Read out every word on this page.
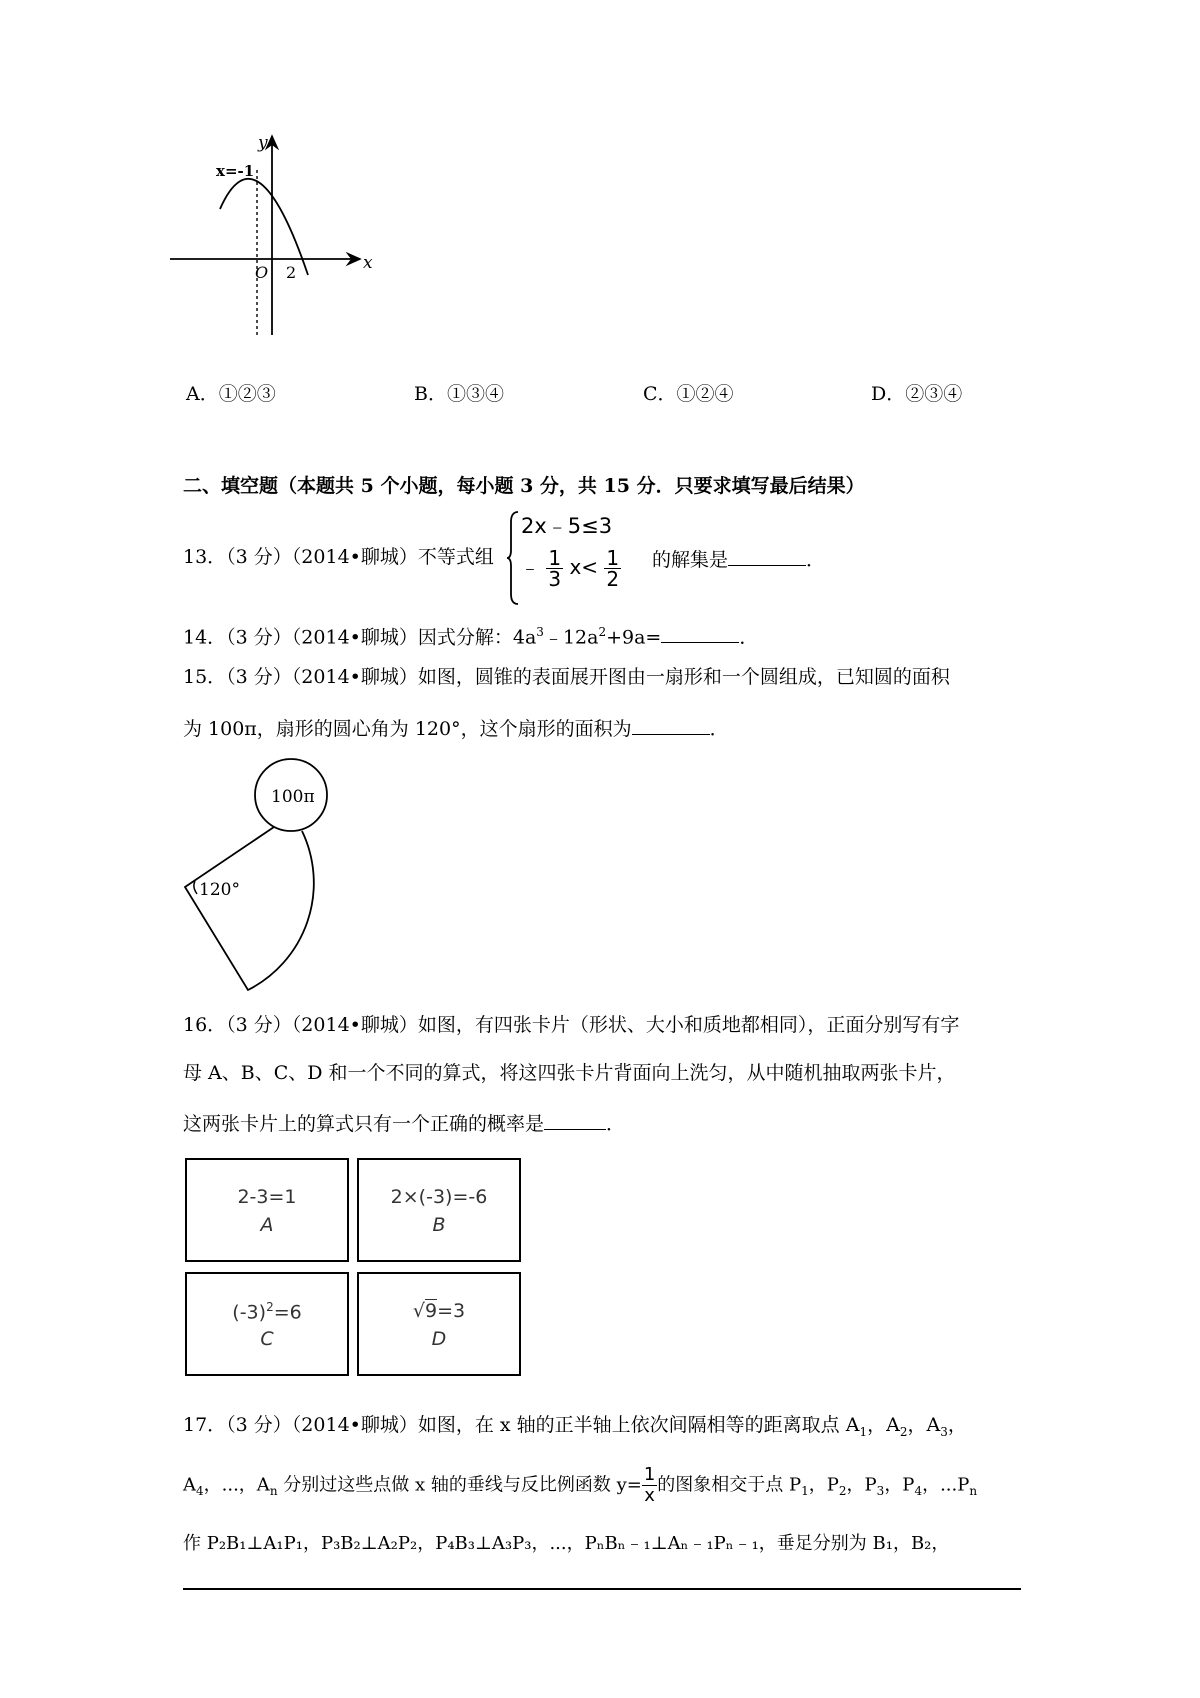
y
x
O 2
x=-1
A．①②③	B．①③④	C．①②④	D．②③④
二、填空题（本题共 5 个小题，每小题 3 分，共 15 分．只要求填写最后结果）
13．（3 分）（2014•聊城）不等式组
2x﹣5≤3
﹣ $\frac{1}{3} x< \frac{1}{2}$ 的解集是	．
14．（3 分）（2014•聊城）因式分解：$4a^3﹣12a^2+9a=$	．
15．（3 分）（2014•聊城）如图，圆锥的表面展开图由一扇形和一个圆组成，已知圆的面积
为 100π，扇形的圆心角为 120°，这个扇形的面积为	．
100π
120°
16．（3 分）（2014•聊城）如图，有四张卡片（形状、大小和质地都相同），正面分别写有字
母 A、B、C、D 和一个不同的算式，将这四张卡片背面向上洗匀，从中随机抽取两张卡片，
这两张卡片上的算式只有一个正确的概率是	．
2-3=1
A
2×(-3)=-6
B
$(-3)^2=6$
C
√9=3
D
17．（3 分）（2014•聊城）如图，在 x 轴的正半轴上依次间隔相等的距离取点 $A_1$，$A_2$，$A_3$，
$A_4$，...，$A_n$ 分别过这些点做 x 轴的垂线与反比例函数 $y= \frac{1}{x}$ 的图象相交于点 $P_1$，$P_2$，$P_3$，$P_4$，$...P_n$
作 P₂B₁⊥A₁P₁，P₃B₂⊥A₂P₂，P₄B₃⊥A₃P₃，...，PₙBₙ﹣₁⊥Aₙ﹣₁Pₙ﹣₁，垂足分别为 B₁，B₂，
